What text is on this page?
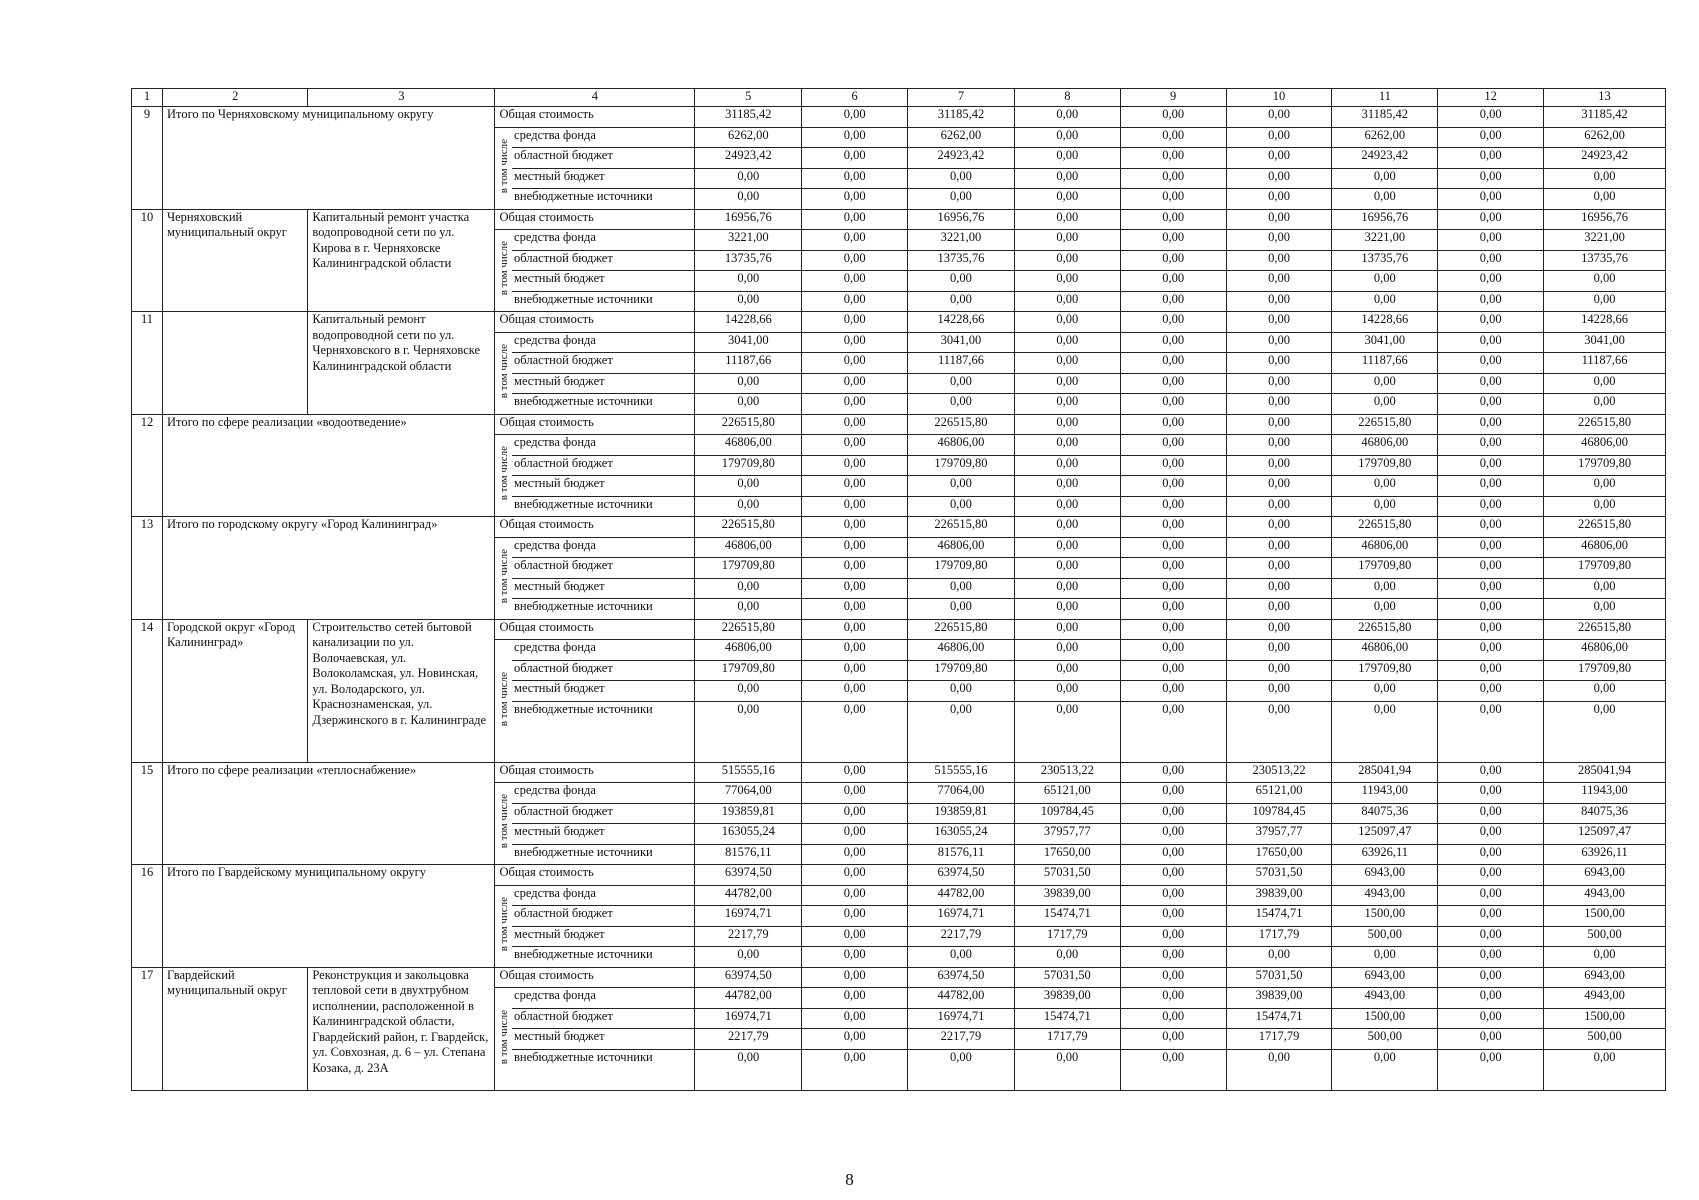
1	2	3	4		5	6	7	8	9	10	11	12	13
9	Итого по Черняховскому муниципальному округу		Общая стоимость		31185,42	0,00	31185,42	0,00	0,00	0,00	31185,42	0,00	31185,42
			в том числе	средства фонда	6262,00	0,00	6262,00	0,00	0,00	0,00	6262,00	0,00	6262,00
				областной бюджет	24923,42	0,00	24923,42	0,00	0,00	0,00	24923,42	0,00	24923,42
				местный бюджет	0,00	0,00	0,00	0,00	0,00	0,00	0,00	0,00	0,00
				внебюджетные источники	0,00	0,00	0,00	0,00	0,00	0,00	0,00	0,00	0,00
10	Черняховский муниципальный округ	Капитальный ремонт участка водопроводной сети по ул. Кирова в г. Черняховске Калининградской области	Общая стоимость		16956,76	0,00	16956,76	0,00	0,00	0,00	16956,76	0,00	16956,76
			в том числе	средства фонда	3221,00	0,00	3221,00	0,00	0,00	0,00	3221,00	0,00	3221,00
				областной бюджет	13735,76	0,00	13735,76	0,00	0,00	0,00	13735,76	0,00	13735,76
				местный бюджет	0,00	0,00	0,00	0,00	0,00	0,00	0,00	0,00	0,00
				внебюджетные источники	0,00	0,00	0,00	0,00	0,00	0,00	0,00	0,00	0,00
11		Капитальный ремонт водопроводной сети по ул. Черняховского в г. Черняховске Калининградской области	Общая стоимость		14228,66	0,00	14228,66	0,00	0,00	0,00	14228,66	0,00	14228,66
			в том числе	средства фонда	3041,00	0,00	3041,00	0,00	0,00	0,00	3041,00	0,00	3041,00
				областной бюджет	11187,66	0,00	11187,66	0,00	0,00	0,00	11187,66	0,00	11187,66
				местный бюджет	0,00	0,00	0,00	0,00	0,00	0,00	0,00	0,00	0,00
				внебюджетные источники	0,00	0,00	0,00	0,00	0,00	0,00	0,00	0,00	0,00
12	Итого по сфере реализации «водоотведение»		Общая стоимость		226515,80	0,00	226515,80	0,00	0,00	0,00	226515,80	0,00	226515,80
			в том числе	средства фонда	46806,00	0,00	46806,00	0,00	0,00	0,00	46806,00	0,00	46806,00
				областной бюджет	179709,80	0,00	179709,80	0,00	0,00	0,00	179709,80	0,00	179709,80
				местный бюджет	0,00	0,00	0,00	0,00	0,00	0,00	0,00	0,00	0,00
				внебюджетные источники	0,00	0,00	0,00	0,00	0,00	0,00	0,00	0,00	0,00
13	Итого по городскому округу «Город Калининград»		Общая стоимость		226515,80	0,00	226515,80	0,00	0,00	0,00	226515,80	0,00	226515,80
			в том числе	средства фонда	46806,00	0,00	46806,00	0,00	0,00	0,00	46806,00	0,00	46806,00
				областной бюджет	179709,80	0,00	179709,80	0,00	0,00	0,00	179709,80	0,00	179709,80
				местный бюджет	0,00	0,00	0,00	0,00	0,00	0,00	0,00	0,00	0,00
				внебюджетные источники	0,00	0,00	0,00	0,00	0,00	0,00	0,00	0,00	0,00
14	Городской округ «Город Калининград»	Строительство сетей бытовой канализации по ул. Волочаевская, ул. Волоколамская, ул. Новинская, ул. Володарского, ул. Краснознаменская, ул. Дзержинского в г. Калининграде	Общая стоимость		226515,80	0,00	226515,80	0,00	0,00	0,00	226515,80	0,00	226515,80
			в том числе	средства фонда	46806,00	0,00	46806,00	0,00	0,00	0,00	46806,00	0,00	46806,00
				областной бюджет	179709,80	0,00	179709,80	0,00	0,00	0,00	179709,80	0,00	179709,80
				местный бюджет	0,00	0,00	0,00	0,00	0,00	0,00	0,00	0,00	0,00
				внебюджетные источники	0,00	0,00	0,00	0,00	0,00	0,00	0,00	0,00	0,00
15	Итого по сфере реализации «теплоснабжение»		Общая стоимость		515555,16	0,00	515555,16	230513,22	0,00	230513,22	285041,94	0,00	285041,94
			в том числе	средства фонда	77064,00	0,00	77064,00	65121,00	0,00	65121,00	11943,00	0,00	11943,00
				областной бюджет	193859,81	0,00	193859,81	109784,45	0,00	109784,45	84075,36	0,00	84075,36
				местный бюджет	163055,24	0,00	163055,24	37957,77	0,00	37957,77	125097,47	0,00	125097,47
				внебюджетные источники	81576,11	0,00	81576,11	17650,00	0,00	17650,00	63926,11	0,00	63926,11
16	Итого по Гвардейскому муниципальному округу		Общая стоимость		63974,50	0,00	63974,50	57031,50	0,00	57031,50	6943,00	0,00	6943,00
			в том числе	средства фонда	44782,00	0,00	44782,00	39839,00	0,00	39839,00	4943,00	0,00	4943,00
				областной бюджет	16974,71	0,00	16974,71	15474,71	0,00	15474,71	1500,00	0,00	1500,00
				местный бюджет	2217,79	0,00	2217,79	1717,79	0,00	1717,79	500,00	0,00	500,00
				внебюджетные источники	0,00	0,00	0,00	0,00	0,00	0,00	0,00	0,00	0,00
17	Гвардейский муниципальный округ	Реконструкция и закольцовка тепловой сети в двухтрубном исполнении, расположенной в Калининградской области, Гвардейский район, г. Гвардейск, ул. Совхозная, д. 6 – ул. Степана Козака, д. 23А	Общая стоимость		63974,50	0,00	63974,50	57031,50	0,00	57031,50	6943,00	0,00	6943,00
			в том числе	средства фонда	44782,00	0,00	44782,00	39839,00	0,00	39839,00	4943,00	0,00	4943,00
				областной бюджет	16974,71	0,00	16974,71	15474,71	0,00	15474,71	1500,00	0,00	1500,00
				местный бюджет	2217,79	0,00	2217,79	1717,79	0,00	1717,79	500,00	0,00	500,00
				внебюджетные источники	0,00	0,00	0,00	0,00	0,00	0,00	0,00	0,00	0,00
8
